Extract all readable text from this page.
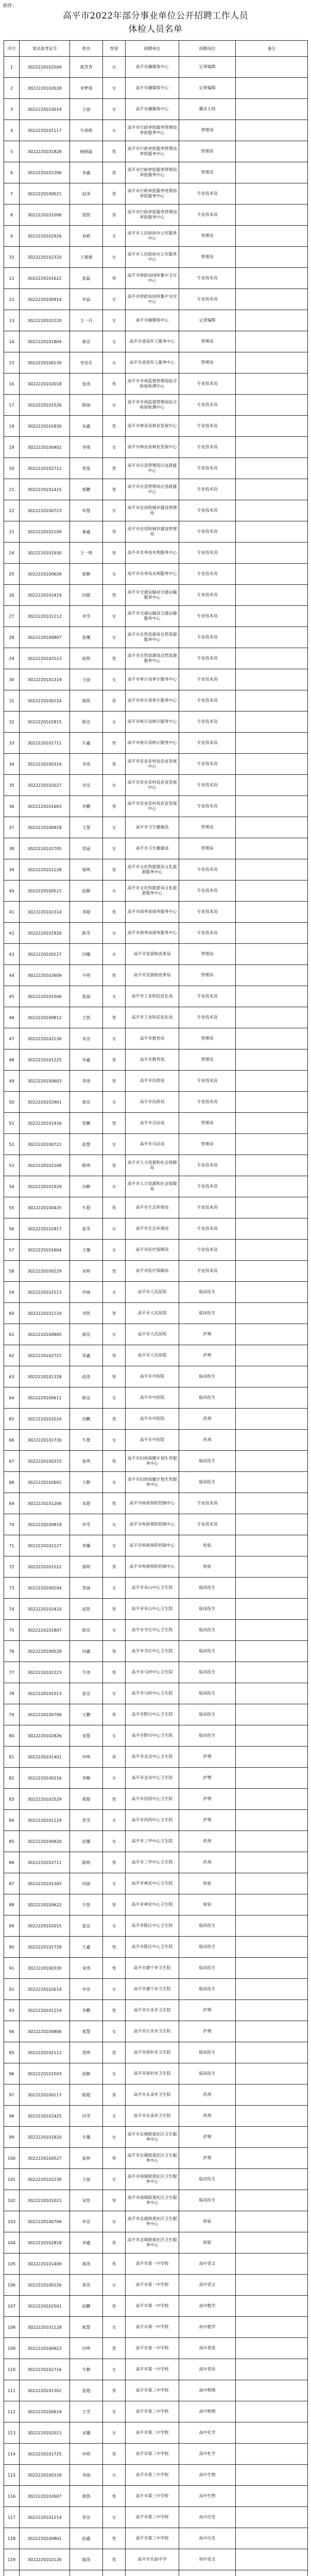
附件：
高平市2022年部分事业单位公开招聘工作人员
体检人员名单
序号	笔试准考证号	姓名	性别	招聘单位	招聘岗位	备注
1	3022220102504	郭青青	女	高平市融媒体中心	记者编辑	
2	3022220102618	李梦瑶	女	高平市融媒体中心	记者编辑	
3	3022220103014	王丽	女	高平市融媒体中心	播音主持	
4	3022220101117	牛雨萌	女	高平市行政审批服务管理局审批服务中心	管理岗	
5	3022220101828	杨晓磊	男	高平市行政审批服务管理局审批服务中心	管理岗	
6	3022220102206	李鑫	男	高平市行政审批服务管理局审批服务中心	管理岗	
7	3022220100521	赵泽	男	高平市行政审批服务管理局审批服务中心	专业技术岗	
8	3022220101006	贾凯	男	高平市行政审批服务管理局审批服务中心	专业技术岗	
9	3022220102926	刘莉	女	高平市人民政府办公室服务中心	管理岗	
10	3022220102310	王睿娟	女	高平市人民政府办公室服务中心	管理岗	
11	3022220101622	张磊	男	高平市财政局国库集中支付中心	专业技术岗	
12	3022220100914	申晶	女	高平市财政局国库集中支付中心	专业技术岗	
13	3022220102220	王一丹	女	高平市融媒体中心	记者编辑	
14	3022220101804	郭佳	女	高平市退役军人服务中心	管理岗	
15	3022220100130	李佳乐	女	高平市退役军人服务中心	管理岗	
16	3022220102018	张涛	男	高平市市场监督管理局综合检验检测中心	专业技术岗	
17	3022220101526	陈丽	女	高平市市场监督管理局综合检验检测中心	专业技术岗	
18	3022220102830	宋鑫	男	高平市林业局林业发展中心	专业技术岗	
19	3022220100402	李琪	女	高平市林业局林业发展中心	专业技术岗	
20	3022220102712	常俊	男	高平市应急管理局应急救援中心	专业技术岗	
21	3022220101415	郭鹏	男	高平市应急管理局应急救援中心	专业技术岗	
22	3022220100723	申慧	女	高平市住房和城乡建设管理局	专业技术岗	
23	3022220102109	秦鑫	男	高平市住房和城乡建设管理局	专业技术岗	
24	3022220101930	王一鸣	男	高平市水务局水利服务中心	专业技术岗	
25	3022220100626	崔静	女	高平市水务局水利服务中心	专业技术岗	
26	3022220102419	田超	男	高平市交通运输局交通运输服务中心	专业技术岗	
27	3022220101212	李雪	女	高平市交通运输局交通运输服务中心	专业技术岗	
28	3022220100807	张璐	女	高平市自然资源局自然资源服务中心	专业技术岗	
29	3022220102523	赵明	男	高平市自然资源局自然资源服务中心	专业技术岗	
30	3022220101319	王丽	女	高平市审计局审计服务中心	专业技术岗	
31	3022220100224	郭凯	男	高平市审计局审计服务中心	专业技术岗	
32	3022220102815	陈佳	女	高平市统计局统计服务中心	专业技术岗	
33	3022220101711	牛鑫	男	高平市统计局统计服务中心	专业技术岗	
34	3022220100316	李涛	男	高平市农业农村局农业发展中心	专业技术岗	
35	3022220102027	宋佳	女	高平市农业农村局农业发展中心	专业技术岗	
36	3022220101603	申鹏	男	高平市农业农村局农业发展中心	专业技术岗	
37	3022220100918	王慧	女	高平市卫生健康局	管理岗	
38	3022220102705	常丽	女	高平市卫生健康局	管理岗	
39	3022220101128	郭鸣	男	高平市文化和旅游局文化旅游服务中心	专业技术岗	
40	3022220100521	赵静	女	高平市文化和旅游局文化旅游服务中心	专业技术岗	
41	3022220102314	李超	男	高平市商务局商务服务中心	专业技术岗	
42	3022220101820	陈雪	女	高平市商务局商务服务中心	专业技术岗	
43	3022220100127	田璐	女	高平市发展和改革局	管理岗	
44	3022220102609	牛明	男	高平市发展和改革局	管理岗	
45	3022220101506	张丽	女	高平市工业和信息化局	专业技术岗	
46	3022220100812	王凯	男	高平市工业和信息化局	专业技术岗	
47	3022220102130	宋佳	女	高平市教育局	管理岗	
48	3022220101225	申鑫	男	高平市教育局	管理岗	
49	3022220100603	李涛	男	高平市民政局	专业技术岗	
50	3022220102901	郭佳	女	高平市民政局	专业技术岗	
51	3022220101416	常鹏	男	高平市司法局	管理岗	
52	3022220100722	赵慧	女	高平市司法局	管理岗	
53	3022220102208	陈鸣	男	高平市人力资源和社会保障局	专业技术岗	
54	3022220101929	田静	女	高平市人力资源和社会保障局	专业技术岗	
55	3022220100425	牛超	男	高平市生态环境局	专业技术岗	
56	3022220102817	张雪	女	高平市生态环境局	专业技术岗	
57	3022220101604	王璐	女	高平市医疗保障局	专业技术岗	
58	3022220100229	宋明	男	高平市医疗保障局	专业技术岗	
59	3022220102513	申丽	女	高平市人民医院	临床医生	
60	3022220101110	李凯	男	高平市人民医院	临床医生	
61	3022220100905	郭佳	女	高平市人民医院	护理	
62	3022220102721	常鑫	男	高平市人民医院	护理	
63	3022220101318	赵涛	男	高平市中医院	临床医生	
64	3022220100611	陈佳	女	高平市中医院	临床医生	
65	3022220102024	田鹏	男	高平市中医院	药剂	
66	3022220101730	牛慧	女	高平市中医院	药剂	
67	3022220100315	张鸣	男	高平市妇幼保健计划生育服务中心	临床医生	
68	3022220102602	王静	女	高平市妇幼保健计划生育服务中心	临床医生	
69	3022220101206	宋超	男	高平市疾病预防控制中心	专业技术岗	
70	3022220100819	申雪	女	高平市疾病预防控制中心	专业技术岗	
71	3022220102127	李璐	女	高平市疾病预防控制中心	检验	
72	3022220101522	郭明	男	高平市疾病预防控制中心	检验	
73	3022220100104	常丽	女	高平市米山中心卫生院	临床医生	
74	3022220102410	赵凯	男	高平市米山中心卫生院	临床医生	
75	3022220101807	陈佳	女	高平市寺庄中心卫生院	临床医生	
76	3022220100528	田鑫	男	高平市寺庄中心卫生院	临床医生	
77	3022220102223	牛涛	男	高平市马村中心卫生院	临床医生	
78	3022220101013	张佳	女	高平市马村中心卫生院	临床医生	
79	3022220100709	王鹏	男	高平市野川中心卫生院	临床医生	
80	3022220102826	宋慧	女	高平市野川中心卫生院	临床医生	
81	3022220101401	申鸣	男	高平市北诗中心卫生院	护理	
82	3022220100216	李静	女	高平市北诗中心卫生院	护理	
83	3022220102529	郭超	男	高平市河西中心卫生院	护理	
84	3022220101124	常雪	女	高平市河西中心卫生院	护理	
85	3022220100920	赵璐	女	高平市三甲中心卫生院	药剂	
86	3022220102711	陈明	男	高平市三甲中心卫生院	药剂	
87	3022220101305	田丽	女	高平市神农中心卫生院	检验	
88	3022220100622	牛凯	男	高平市神农中心卫生院	检验	
89	3022220102015	张佳	女	高平市陈区中心卫生院	临床医生	
90	3022220101728	王鑫	男	高平市陈区中心卫生院	临床医生	
91	3022220100330	宋涛	男	高平市建宁乡卫生院	临床医生	
92	3022220102614	申佳	女	高平市建宁乡卫生院	临床医生	
93	3022220101219	李鹏	男	高平市石末乡卫生院	护理	
94	3022220100806	郭慧	女	高平市石末乡卫生院	护理	
95	3022220102112	常鸣	男	高平市原村乡卫生院	临床医生	
96	3022220101503	赵静	女	高平市原村乡卫生院	临床医生	
97	3022220100117	陈超	男	高平市永录乡卫生院	药剂	
98	3022220102425	田雪	女	高平市永录乡卫生院	药剂	
99	3022220101810	牛璐	女	高平市东城街道社区卫生服务中心	护理	
100	3022220100527	张明	男	高平市东城街道社区卫生服务中心	护理	
101	3022220102230	王丽	女	高平市南城街道社区卫生服务中心	临床医生	
102	3022220101021	宋凯	男	高平市南城街道社区卫生服务中心	临床医生	
103	3022220100704	申佳	女	高平市北城街道社区卫生服务中心	检验	
104	3022220102818	李鑫	男	高平市北城街道社区卫生服务中心	检验	
105	3022220101409	郭涛	男	高平市第一中学校	高中语文	
106	3022220100226	常佳	女	高平市第一中学校	高中语文	
107	3022220102501	赵鹏	男	高平市第一中学校	高中数学	
108	3022220101128	陈慧	女	高平市第一中学校	高中数学	
109	3022220100923	田鸣	男	高平市第一中学校	高中英语	
110	3022220102716	牛静	女	高平市第一中学校	高中英语	
111	3022220101302	张超	男	高平市第二中学校	高中物理	
112	3022220100619	王雪	女	高平市第二中学校	高中物理	
113	3022220102011	宋璐	女	高平市第二中学校	高中化学	
114	3022220101725	申明	男	高平市第二中学校	高中化学	
115	3022220100318	李丽	女	高平市第三中学校	高中生物	
116	3022220102607	郭凯	男	高平市第三中学校	高中生物	
117	3022220101214	常佳	女	高平市第三中学校	高中历史	
118	3022220100801	赵鑫	男	高平市第三中学校	高中历史	
119	3022220102126	陈涛	男	高平市实验中学	初中语文	
